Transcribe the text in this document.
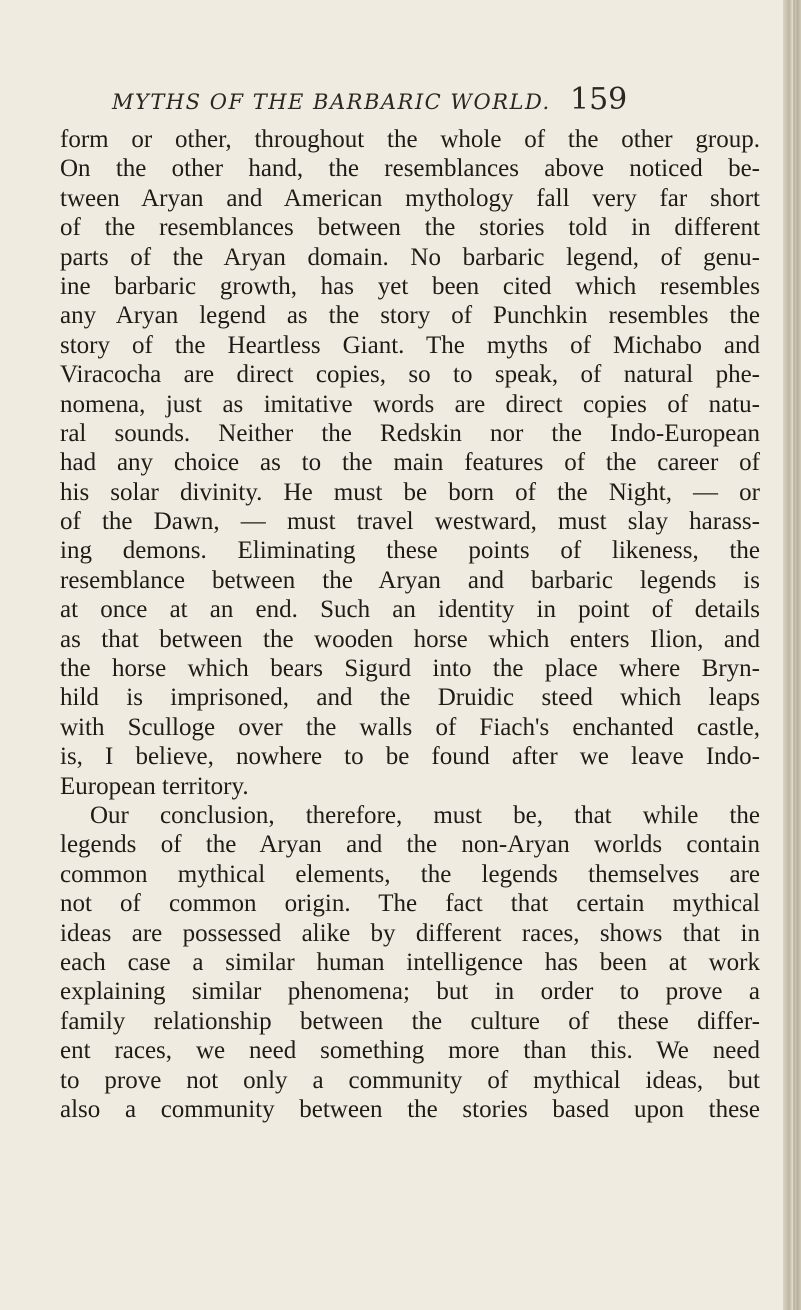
MYTHS OF THE BARBARIC WORLD. 159
form or other, throughout the whole of the other group.
On the other hand, the resemblances above noticed be-
tween Aryan and American mythology fall very far short
of the resemblances between the stories told in different
parts of the Aryan domain. No barbaric legend, of genu-
ine barbaric growth, has yet been cited which resembles
any Aryan legend as the story of Punchkin resembles the
story of the Heartless Giant. The myths of Michabo and
Viracocha are direct copies, so to speak, of natural phe-
nomena, just as imitative words are direct copies of natu-
ral sounds. Neither the Redskin nor the Indo-European
had any choice as to the main features of the career of
his solar divinity. He must be born of the Night, — or
of the Dawn, — must travel westward, must slay harass-
ing demons. Eliminating these points of likeness, the
resemblance between the Aryan and barbaric legends is
at once at an end. Such an identity in point of details
as that between the wooden horse which enters Ilion, and
the horse which bears Sigurd into the place where Bryn-
hild is imprisoned, and the Druidic steed which leaps
with Sculloge over the walls of Fiach's enchanted castle,
is, I believe, nowhere to be found after we leave Indo-
European territory.
Our conclusion, therefore, must be, that while the
legends of the Aryan and the non-Aryan worlds contain
common mythical elements, the legends themselves are
not of common origin. The fact that certain mythical
ideas are possessed alike by different races, shows that in
each case a similar human intelligence has been at work
explaining similar phenomena; but in order to prove a
family relationship between the culture of these differ-
ent races, we need something more than this. We need
to prove not only a community of mythical ideas, but
also a community between the stories based upon these
